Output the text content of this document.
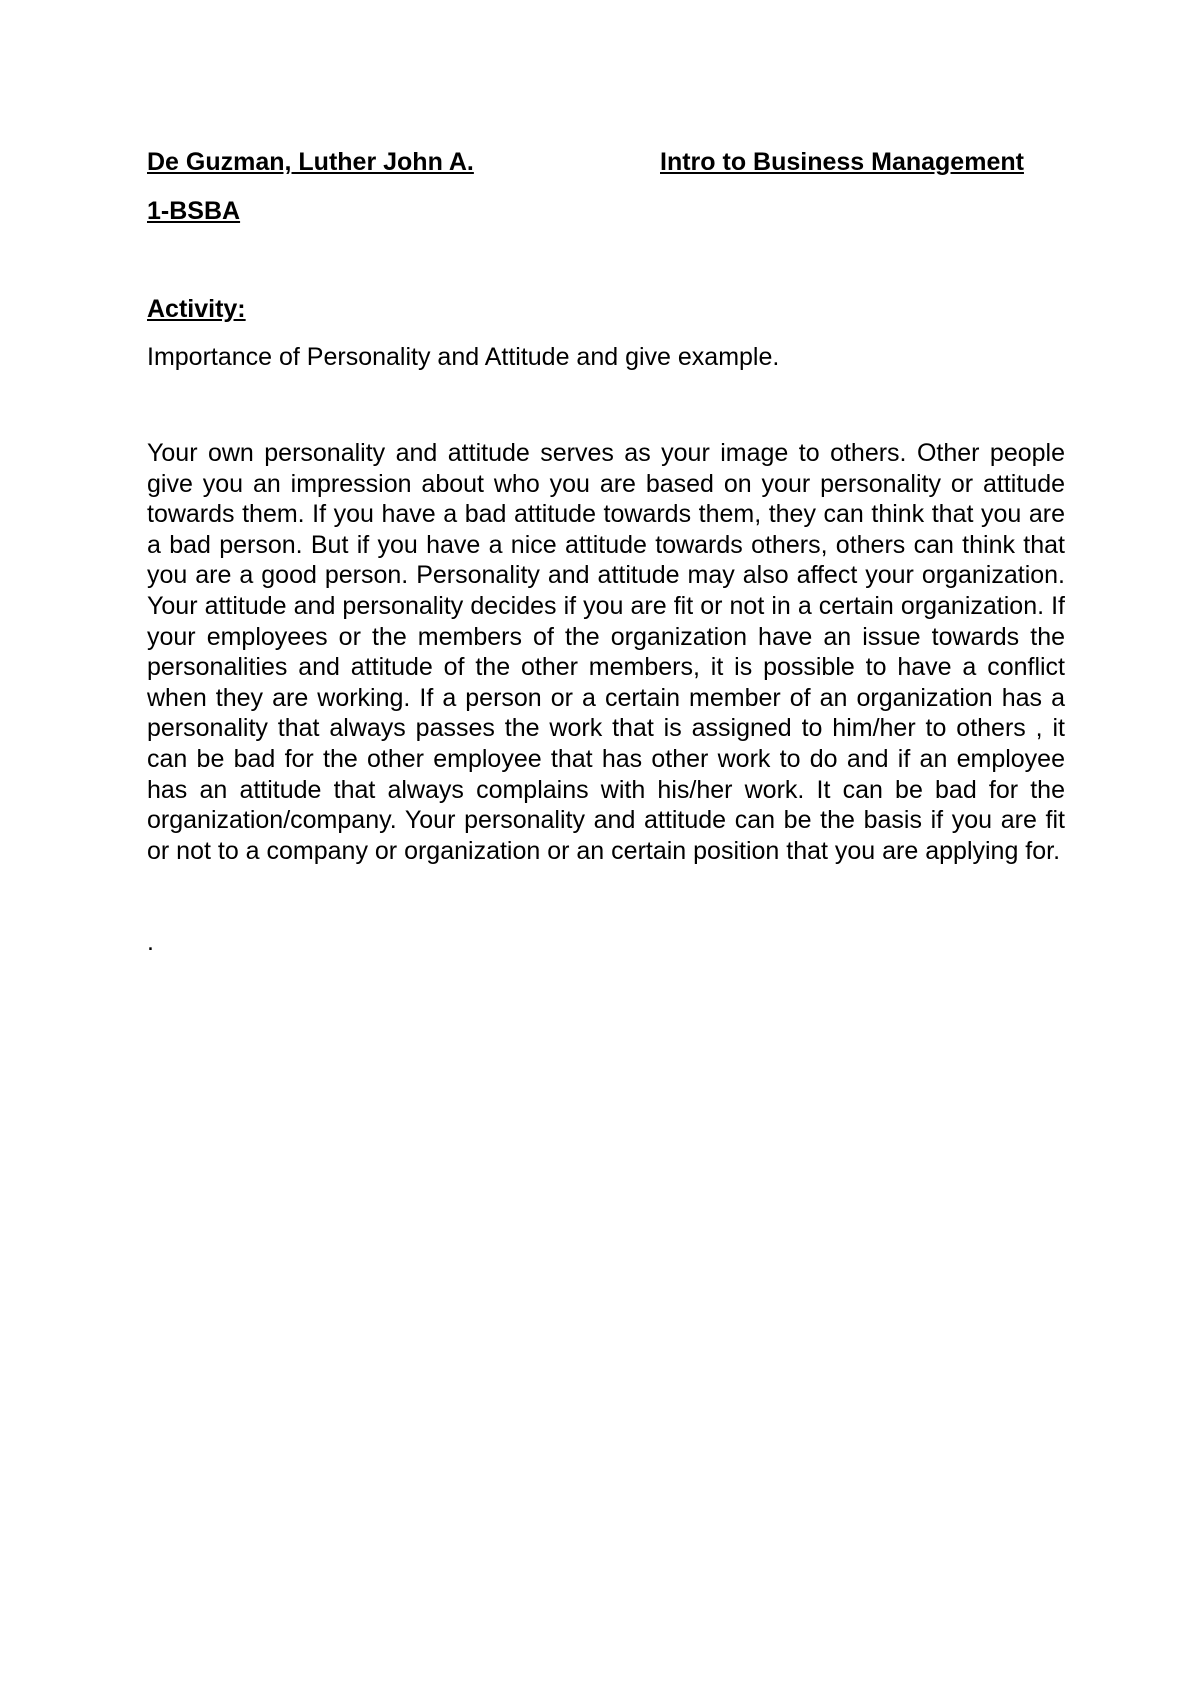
De Guzman, Luther John A.	Intro to Business Management
1-BSBA
Activity:
Importance of Personality and Attitude and give example.

Your own personality and attitude serves as your image to others. Other people give you an impression about who you are based on your personality or attitude towards them. If you have a bad attitude towards them, they can think that you are a bad person. But if you have a nice attitude towards others, others can think that you are a good person. Personality and attitude may also affect your organization. Your attitude and personality decides if you are fit or not in a certain organization. If your employees or the members of the organization have an issue towards the personalities and attitude of the other members, it is possible to have a conflict when they are working. If a person or a certain member of an organization has a personality that always passes the work that is assigned to him/her to others , it can be bad for the other employee that has other work to do and if an employee has an attitude that always complains with his/her work. It can be bad for the organization/company. Your personality and attitude can be the basis if you are fit or not to a company or organization or an certain position that you are applying for.

.
